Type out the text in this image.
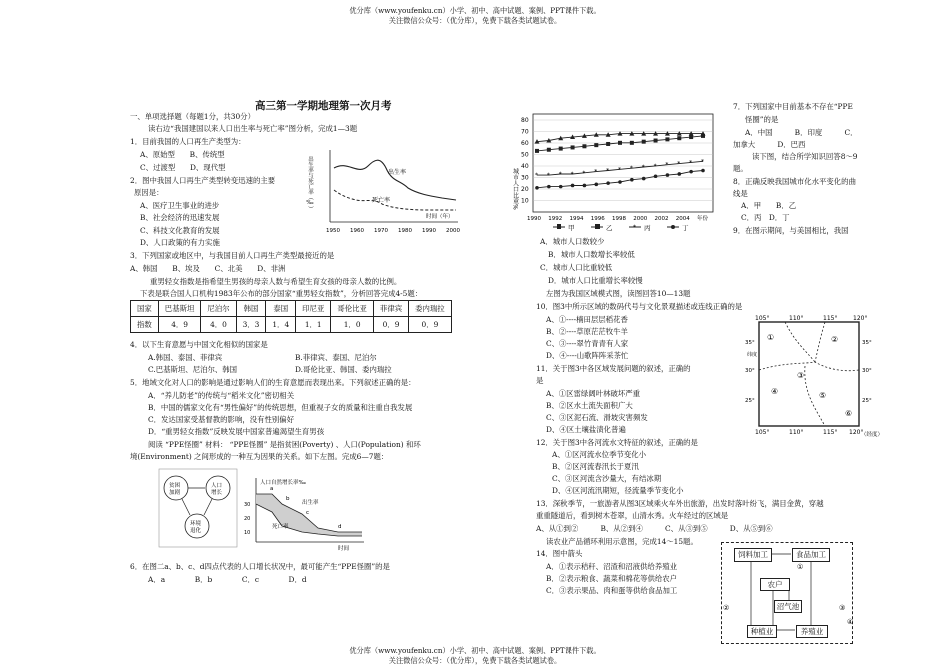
优分库（www.youfenku.cn）小学、初中、高中试题、案例、PPT课件下载。
关注微信公众号：（优分库），免费下载各类试题试卷。
优分库（www.youfenku.cn）小学、初中、高中试题、案例、PPT课件下载。
关注微信公众号：（优分库），免费下载各类试题试卷。
高三第一学期地理第一次月考
一、单项选择题（每题1分，共30分）
读右边“我国建国以来人口出生率与死亡率”图分析，完成1—3题
1．目前我国的人口再生产类型为：
A、原始型　　B、传统型
C、过渡型　　D、现代型
2．图中我国人口再生产类型转变迅速的主要
原因是：
A、医疗卫生事业的进步
B、社会经济的迅速发展
C、科技文化教育的发展
D、人口政策的有力实施
3．下列国家或地区中，与我国目前人口再生产类型最接近的是
A、韩国　　B、埃及　　C、北美　　D、非洲
重男轻女指数是指希望生男孩的母亲人数与希望生育女孩的母亲人数的比例。
下表是联合国人口机构1983年公布的部分国家“重男轻女指数”，分析回答完成4-5题：
出生率与死亡率（‰）	出生率
死亡率
时间（年）
1950 1960 1970 1980 1990 2000
国家	巴基斯坦	尼泊尔	韩国	泰国	印尼亚	哥伦比亚	菲律宾	委内瑞拉
指数	4．9	4．0	3．3	1．4	1．1	1．0	0．9	0．9
4．以下生育意愿与中国文化相似的国家是
A.韩国、泰国、菲律宾	B.菲律宾、泰国、尼泊尔
C.巴基斯坦、尼泊尔、韩国	D.哥伦比亚、韩国、委内瑞拉
5．地域文化对人口的影响是通过影响人们的生育意愿而表现出来。下列叙述正确的是：
A．“养儿防老”的传统与“稻米文化”密切相关
B．中国的儒家文化有“男性偏好”的传统思想，但重视子女的质量和注重自我发展
C．发达国家受基督教的影响，没有性别偏好
D．“重男轻女指数”反映发展中国家普遍渴望生育男孩
阅读 “PPE怪圈” 材料： “PPE怪圈” 是指贫困(Poverty) 、人口(Population) 和环
境(Environment) 之间形成的一种互为因果的关系。如下左图。完成6—7题：
贫困
加剧
人口
增长
环境
退化
人口自然增长率‰
出生率
死亡率
时间
30
20
10
a
b
c
d
6．在图二a、b、c、d四点代表的人口增长状况中，最可能产生“PPE怪圈”的是
A．a　　　　B．b　　　　C．c　　　　D．d
城市人口比重%
80
70
60
50
40
30
20
10
1990 1992 1994 1996 1998 2000 2002 2004 年份
* * * * * * * * * * * * * * *
甲	乙	* 丙	丁
A．城市人口数较少
B．城市人口数增长率较低
C．城市人口比重较低
D．城市人口比重增长率较慢
左图为我国区域模式图，读图回答10—13题
10．图3中所示区域的数码代号与文化景观描述或连线正确的是
A、①----楠田层层稻花香
B、②----草原茫茫牧牛羊
C、③----翠竹青青有人家
D、④----山歌阵阵采茶忙
11．关于图3中各区域发展问题的叙述，正确的
是
A、①区雷绿阔叶林破坏严重
B、②区水土流失面积广大
C、③区泥石流、滑坡灾害频发
D、④区土壤盐渍化普遍
12．关于图3中各河流水文特征的叙述，正确的是
A、①区河流水位季节变化小
B、②区河流春汛长于夏汛
C、③区河流含沙量大，有结冰期
D、④区河流汛期短，径流量季节变化小
13．深秋季节，一旅游者从图3区域乘火车外出旅游，出发时落叶纷飞，满目金黄，穿越
重重隧道后，看到树木苍翠，山清水秀。火车经过的区域是
A、从①到②　　　B、从②到④　　　C、从③到⑤　　　D、从⑤到⑥
读农业产品循环利用示意图，完成14～15题。
14．图中箭头
A．①表示秸秆、沼渣和沼液供给养殖业
B．②表示粮食、蔬菜和棉花等供给农户
C．③表示果品、肉和蛋等供给食品加工
105°	110°	115°	120°
105°	110°	115° 120°
（经度）
35°
30°
25°
纬度
35°
30°
25°
①	②
③
④	⑤
⑥
7．下列国家中目前基本不存在“PPE
怪圈”的是
A．中国　　　B．印度　　　C．
加拿大　　　D．巴西
读下图，结合所学知识回答8～9
题。
8．正确反映我国城市化水平变化的曲
线是
A．甲　　B．乙
C．丙　D．丁
9．在图示期间，与美国相比，我国
饲料加工	食品加工
农户
沼气池
种植业	养殖业
①
②	③
④
